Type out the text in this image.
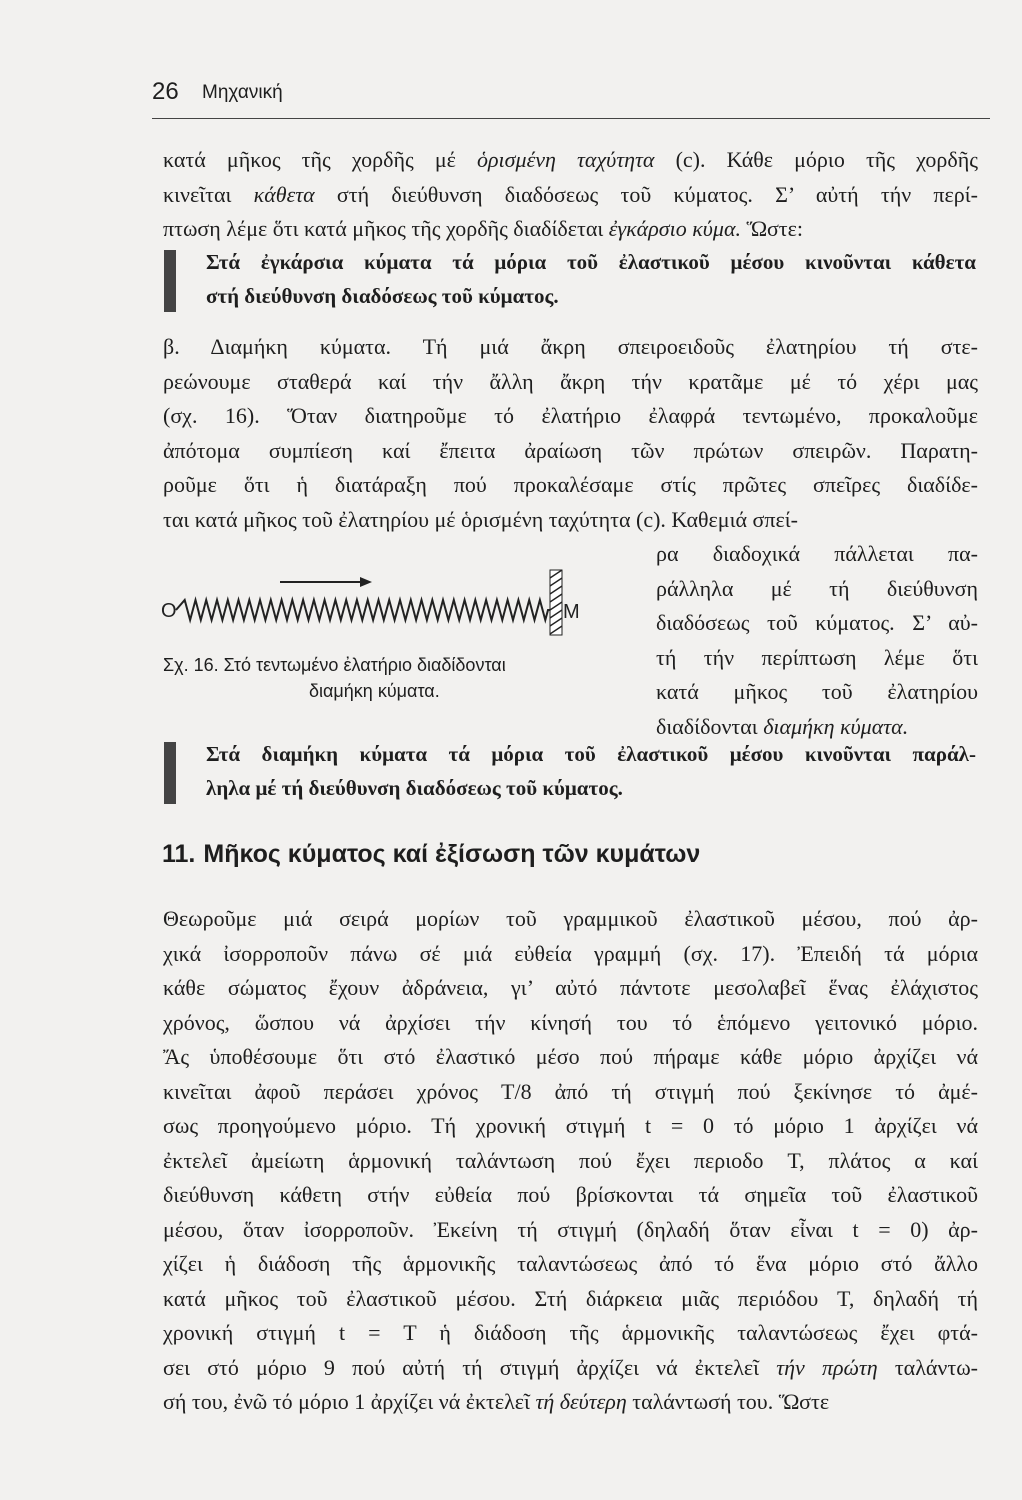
26 Μηχανική
κατά μῆκος τῆς χορδῆς μέ ὁρισμένη ταχύτητα (c). Κάθε μόριο τῆς χορδῆς
κινεῖται κάθετα στή διεύθυνση διαδόσεως τοῦ κύματος. Σ’ αὐτή τήν περί-
πτωση λέμε ὅτι κατά μῆκος τῆς χορδῆς διαδίδεται ἐγκάρσιο κύμα. Ὥστε:
Στά ἐγκάρσια κύματα τά μόρια τοῦ ἐλαστικοῦ μέσου κινοῦνται κάθετα
στή διεύθυνση διαδόσεως τοῦ κύματος.
β. Διαμήκη κύματα. Τή μιά ἄκρη σπειροειδοῦς ἐλατηρίου τή στε-
ρεώνουμε σταθερά καί τήν ἄλλη ἄκρη τήν κρατᾶμε μέ τό χέρι μας
(σχ. 16). Ὅταν διατηροῦμε τό ἐλατήριο ἐλαφρά τεντωμένο, προκαλοῦμε
ἀπότομα συμπίεση καί ἔπειτα ἀραίωση τῶν πρώτων σπειρῶν. Παρατη-
ροῦμε ὅτι ἡ διατάραξη πού προκαλέσαμε στίς πρῶτες σπεῖρες διαδίδε-
ται κατά μῆκος τοῦ ἐλατηρίου μέ ὁρισμένη ταχύτητα (c). Καθεμιά σπεί-
ρα διαδοχικά πάλλεται πα-
ράλληλα μέ τή διεύθυνση
διαδόσεως τοῦ κύματος. Σ’ αὐ-
τή τήν περίπτωση λέμε ὅτι
κατά μῆκος τοῦ ἐλατηρίου
διαδίδονται διαμήκη κύματα.
O	M
Σχ. 16. Στό τεντωμένο ἐλατήριο διαδίδονται
διαμήκη κύματα.
Στά διαμήκη κύματα τά μόρια τοῦ ἐλαστικοῦ μέσου κινοῦνται παράλ-
ληλα μέ τή διεύθυνση διαδόσεως τοῦ κύματος.
11. Μῆκος κύματος καί ἐξίσωση τῶν κυμάτων
Θεωροῦμε μιά σειρά μορίων τοῦ γραμμικοῦ ἐλαστικοῦ μέσου, πού ἀρ-
χικά ἰσορροποῦν πάνω σέ μιά εὐθεία γραμμή (σχ. 17). Ἐπειδή τά μόρια
κάθε σώματος ἔχουν ἀδράνεια, γι’ αὐτό πάντοτε μεσολαβεῖ ἕνας ἐλάχιστος
χρόνος, ὥσπου νά ἀρχίσει τήν κίνησή του τό ἑπόμενο γειτονικό μόριο.
Ἄς ὑποθέσουμε ὅτι στό ἐλαστικό μέσο πού πήραμε κάθε μόριο ἀρχίζει νά
κινεῖται ἀφοῦ περάσει χρόνος T/8 ἀπό τή στιγμή πού ξεκίνησε τό ἀμέ-
σως προηγούμενο μόριο. Τή χρονική στιγμή t = 0 τό μόριο 1 ἀρχίζει νά
ἐκτελεῖ ἀμείωτη ἁρμονική ταλάντωση πού ἔχει περιοδο T, πλάτος α καί
διεύθυνση κάθετη στήν εὐθεία πού βρίσκονται τά σημεῖα τοῦ ἐλαστικοῦ
μέσου, ὅταν ἰσορροποῦν. Ἐκείνη τή στιγμή (δηλαδή ὅταν εἶναι t = 0) ἀρ-
χίζει ἡ διάδοση τῆς ἁρμονικῆς ταλαντώσεως ἀπό τό ἕνα μόριο στό ἄλλο
κατά μῆκος τοῦ ἐλαστικοῦ μέσου. Στή διάρκεια μιᾶς περιόδου T, δηλαδή τή
χρονική στιγμή t = T ἡ διάδοση τῆς ἁρμονικῆς ταλαντώσεως ἔχει φτά-
σει στό μόριο 9 πού αὐτή τή στιγμή ἀρχίζει νά ἐκτελεῖ τήν πρώτη ταλάντω-
σή του, ἐνῶ τό μόριο 1 ἀρχίζει νά ἐκτελεῖ τή δεύτερη ταλάντωσή του. Ὥστε
